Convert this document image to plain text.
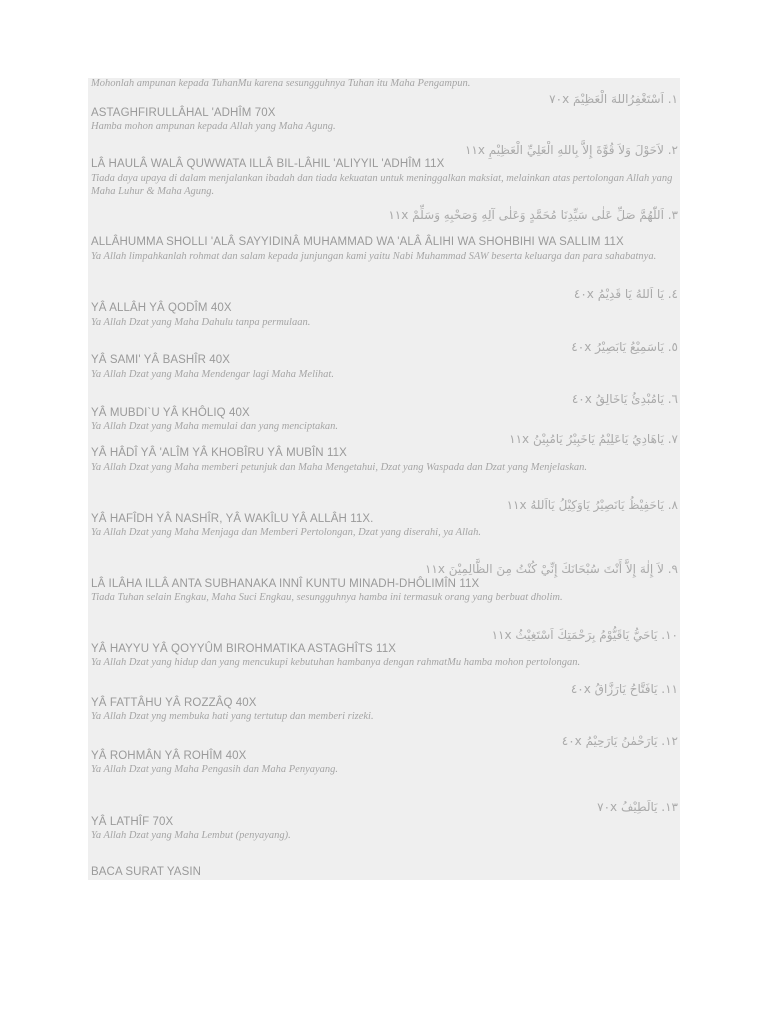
Mohonlah ampunan kepada TuhanMu karena sesungguhnya Tuhan itu Maha Pengampun.
١. اَسْتَغْفِرُاللهَ الْعَظِيْمَ ٧٠x
ASTAGHFIRULLÂHAL 'ADHÎM 70X
Hamba mohon ampunan kepada Allah yang Maha Agung.
٢. لاَحَوْلَ وَلاَ قُوَّةَ إِلاَّ بِاللهِ الْعَلِيِّ الْعَظِيْمِ ١١x
LÂ HAULÂ WALÂ QUWWATA ILLÂ BIL-LÂHIL 'ALIYYIL 'ADHÎM 11X
Tiada daya upaya di dalam menjalankan ibadah dan tiada kekuatan untuk meninggalkan maksiat, melainkan atas pertolongan Allah yang Maha Luhur & Maha Agung.
٣. اَللّٰهُمَّ صَلِّ عَلٰى سَيِّدِنَا مُحَمَّدٍ وَعَلٰى آلِهِ وَصَحْبِهِ وَسَلِّمْ ١١x
ALLÂHUMMA SHOLLI 'ALÂ SAYYIDINÂ MUHAMMAD WA 'ALÂ ÂLIHI WA SHOHBIHI WA SALLIM 11X
Ya Allah limpahkanlah rohmat dan salam kepada junjungan kami yaitu Nabi Muhammad SAW beserta keluarga dan para sahabatnya.
٤. يَا اَللهُ يَا قَدِيْمُ ٤٠x
YÂ ALLÂH YÂ QODÎM 40X
Ya Allah Dzat yang Maha Dahulu tanpa permulaan.
٥. يَاسَمِيْعُ يَابَصِيْرُ ٤٠x
YÂ SAMI' YÂ BASHÎR 40X
Ya Allah Dzat yang Maha Mendengar lagi Maha Melihat.
٦. يَامُبْدِئُ يَاخَالِقُ ٤٠x
YÂ MUBDI`U YÂ KHÔLIQ 40X
Ya Allah Dzat yang Maha memulai dan yang menciptakan.
٧. يَاهَادِيُ يَاعَلِيْمُ يَاخَبِيْرُ يَامُبِيْنُ ١١x
YÂ HÂDÎ YÂ 'ALÎM YÂ KHOBÎRU YÂ MUBÎN 11X
Ya Allah Dzat yang Maha memberi petunjuk dan Maha Mengetahui, Dzat yang Waspada dan Dzat yang Menjelaskan.
٨. يَاحَفِيْظُ يَانَصِيْرُ يَاوَكِيْلُ يَااَللهُ ١١x
YÂ HAFÎDH YÂ NASHÎR, YÂ WAKÎLU YÂ ALLÂH 11X.
Ya Allah Dzat yang Maha Menjaga dan Memberi Pertolongan, Dzat yang diserahi, ya Allah.
٩. لاَ إِلٰهَ إِلاَّ أَنْتَ سُبْحَانَكَ إِنِّيْ كُنْتُ مِنَ الظَّالِمِيْنَ ١١x
LÂ ILÂHA ILLÂ ANTA SUBHANAKA INNÎ KUNTU MINADH-DHÔLIMÎN 11X
Tiada Tuhan selain Engkau, Maha Suci Engkau, sesungguhnya hamba ini termasuk orang yang berbuat dholim.
١٠. يَاحَيُّ يَاقَيُّوْمُ بِرَحْمَتِكَ اَسْتَغِيْثُ ١١x
YÂ HAYYU YÂ QOYYÛM BIROHMATIKA ASTAGHÎTS 11X
Ya Allah Dzat yang hidup dan yang mencukupi kebutuhan hambanya dengan rahmatMu hamba mohon pertolongan.
١١. يَافَتَّاحُ يَارَزَّاقُ ٤٠x
YÂ FATTÂHU YÂ ROZZÂQ 40X
Ya Allah Dzat yng membuka hati yang tertutup dan memberi rizeki.
١٢. يَارَحْمٰنُ يَارَحِيْمُ ٤٠x
YÂ ROHMÂN YÂ ROHÎM 40X
Ya Allah Dzat yang Maha Pengasih dan Maha Penyayang.
١٣. يَالَطِيْفُ ٧٠x
YÂ LATHÎF 70X
Ya Allah Dzat yang Maha Lembut (penyayang).
BACA SURAT YASIN
